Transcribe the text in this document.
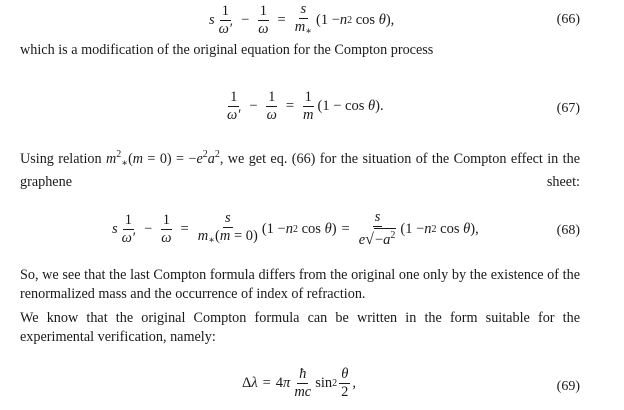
s $\frac{1}{\omega'} - \frac{1}{\omega} = \frac{s}{m_∗} (1 - n$ 2 cos θ ),	(66)

which is a modification of the original equation for the Compton process

$\frac{1}{\omega'} - \frac{1}{\omega} = \frac{1}{m} (1 - \cos \theta$ ).	(67)

Using relation $m^2_∗(m = 0) = -e^2a^2$, we get eq. (66) for the situation of the Compton effect in the graphene sheet:

s $\frac{1}{\omega'} - \frac{1}{\omega} = \frac{s}{m_∗(m = 0)} (1 - n$ 2 cos θ ) = $\frac{s}{e √ -a^2} (1 - n$ 2 cos θ ),	(68)

So, we see that the last Compton formula differs from the original one only by the existence of the renormalized mass and the occurrence of index of refraction.

We know that the original Compton formula can be written in the form suitable for the experimental verification, namely:

Δ λ = 4 π $\frac{ħ}{mc}$ $\sin 2 \frac{\theta}{2}$ ,	(69)
